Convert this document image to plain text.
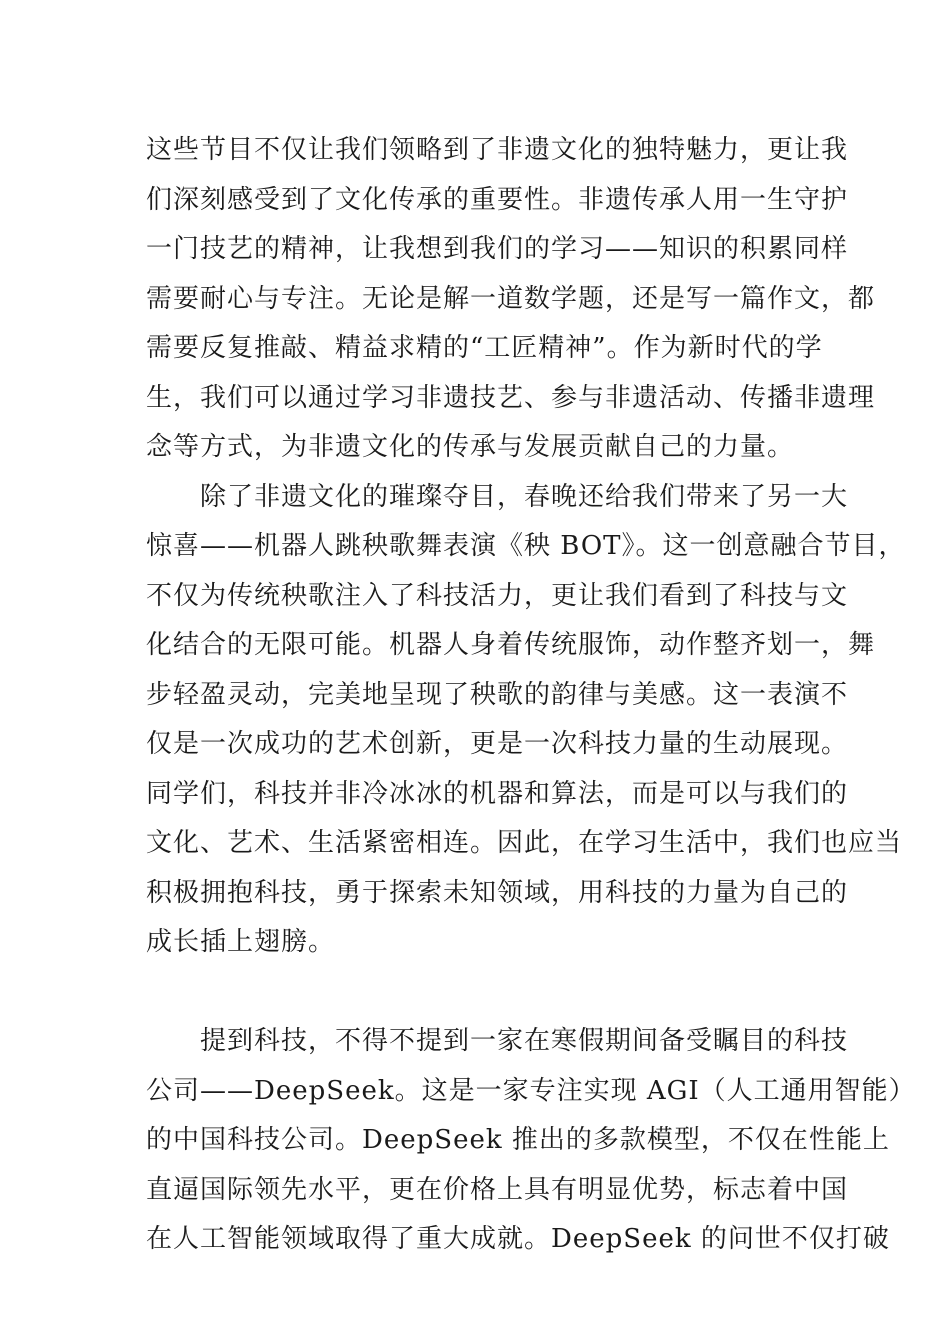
这些节目不仅让我们领略到了非遗文化的独特魅力，更让我
们深刻感受到了文化传承的重要性。非遗传承人用一生守护
一门技艺的精神，让我想到我们的学习——知识的积累同样
需要耐心与专注。无论是解一道数学题，还是写一篇作文，都
需要反复推敲、精益求精的“工匠精神”。作为新时代的学
生，我们可以通过学习非遗技艺、参与非遗活动、传播非遗理
念等方式，为非遗文化的传承与发展贡献自己的力量。
　　除了非遗文化的璀璨夺目，春晚还给我们带来了另一大
惊喜——机器人跳秧歌舞表演《秧 BOT》。这一创意融合节目，
不仅为传统秧歌注入了科技活力，更让我们看到了科技与文
化结合的无限可能。机器人身着传统服饰，动作整齐划一，舞
步轻盈灵动，完美地呈现了秧歌的韵律与美感。这一表演不
仅是一次成功的艺术创新，更是一次科技力量的生动展现。
同学们，科技并非冷冰冰的机器和算法，而是可以与我们的
文化、艺术、生活紧密相连。因此，在学习生活中，我们也应当
积极拥抱科技，勇于探索未知领域，用科技的力量为自己的
成长插上翅膀。
　　提到科技，不得不提到一家在寒假期间备受瞩目的科技
公司——DeepSeek。这是一家专注实现 AGI（人工通用智能）
的中国科技公司。DeepSeek 推出的多款模型，不仅在性能上
直逼国际领先水平，更在价格上具有明显优势，标志着中国
在人工智能领域取得了重大成就。DeepSeek 的问世不仅打破
